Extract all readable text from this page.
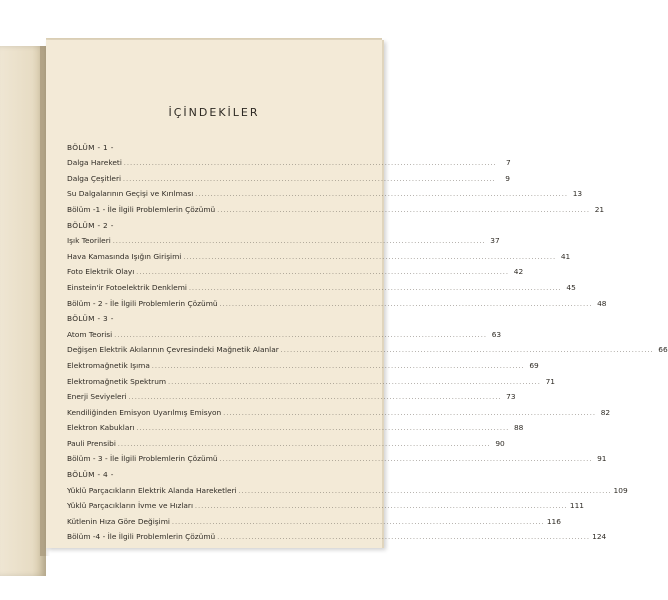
İÇİNDEKİLER
BÖLÜM - 1 -
Dalga Hareketi ........................................................................................................................	7
Dalga Çeşitleri ........................................................................................................................	9
Su Dalgalarının Geçişi ve Kırılması ........................................................................................................................ 13
Bölüm -1 - İle İlgili Problemlerin Çözümü ........................................................................................................................ 21
BÖLÜM - 2 -
Işık Teorileri ........................................................................................................................ 37
Hava Kamasında Işığın Girişimi ........................................................................................................................ 41
Foto Elektrik Olayı ........................................................................................................................ 42
Einstein'ir Fotoelektrik Denklemi ........................................................................................................................ 45
Bölüm - 2 - İle İlgili Problemlerin Çözümü ........................................................................................................................ 48
BÖLÜM - 3 -
Atom Teorisi ........................................................................................................................ 63
Değişen Elektrik Akılarının Çevresindeki Mağnetik Alanlar ........................................................................................................................ 66
Elektromağnetik Işıma ........................................................................................................................ 69
Elektromağnetik Spektrum ........................................................................................................................ 71
Enerji Seviyeleri ........................................................................................................................ 73
Kendiliğinden Emisyon Uyarılmış Emisyon ........................................................................................................................ 82
Elektron Kabukları ........................................................................................................................ 88
Pauli Prensibi ........................................................................................................................ 90
Bölüm - 3 - İle İlgili Problemlerin Çözümü ........................................................................................................................ 91
BÖLÜM - 4 -
Yüklü Parçacıkların Elektrik Alanda Hareketleri ........................................................................................................................ 109
Yüklü Parçacıkların İvme ve Hızları ........................................................................................................................ 111
Kütlenin Hıza Göre Değişimi ........................................................................................................................ 116
Bölüm -4 - İle İlgili Problemlerin Çözümü ........................................................................................................................ 124
